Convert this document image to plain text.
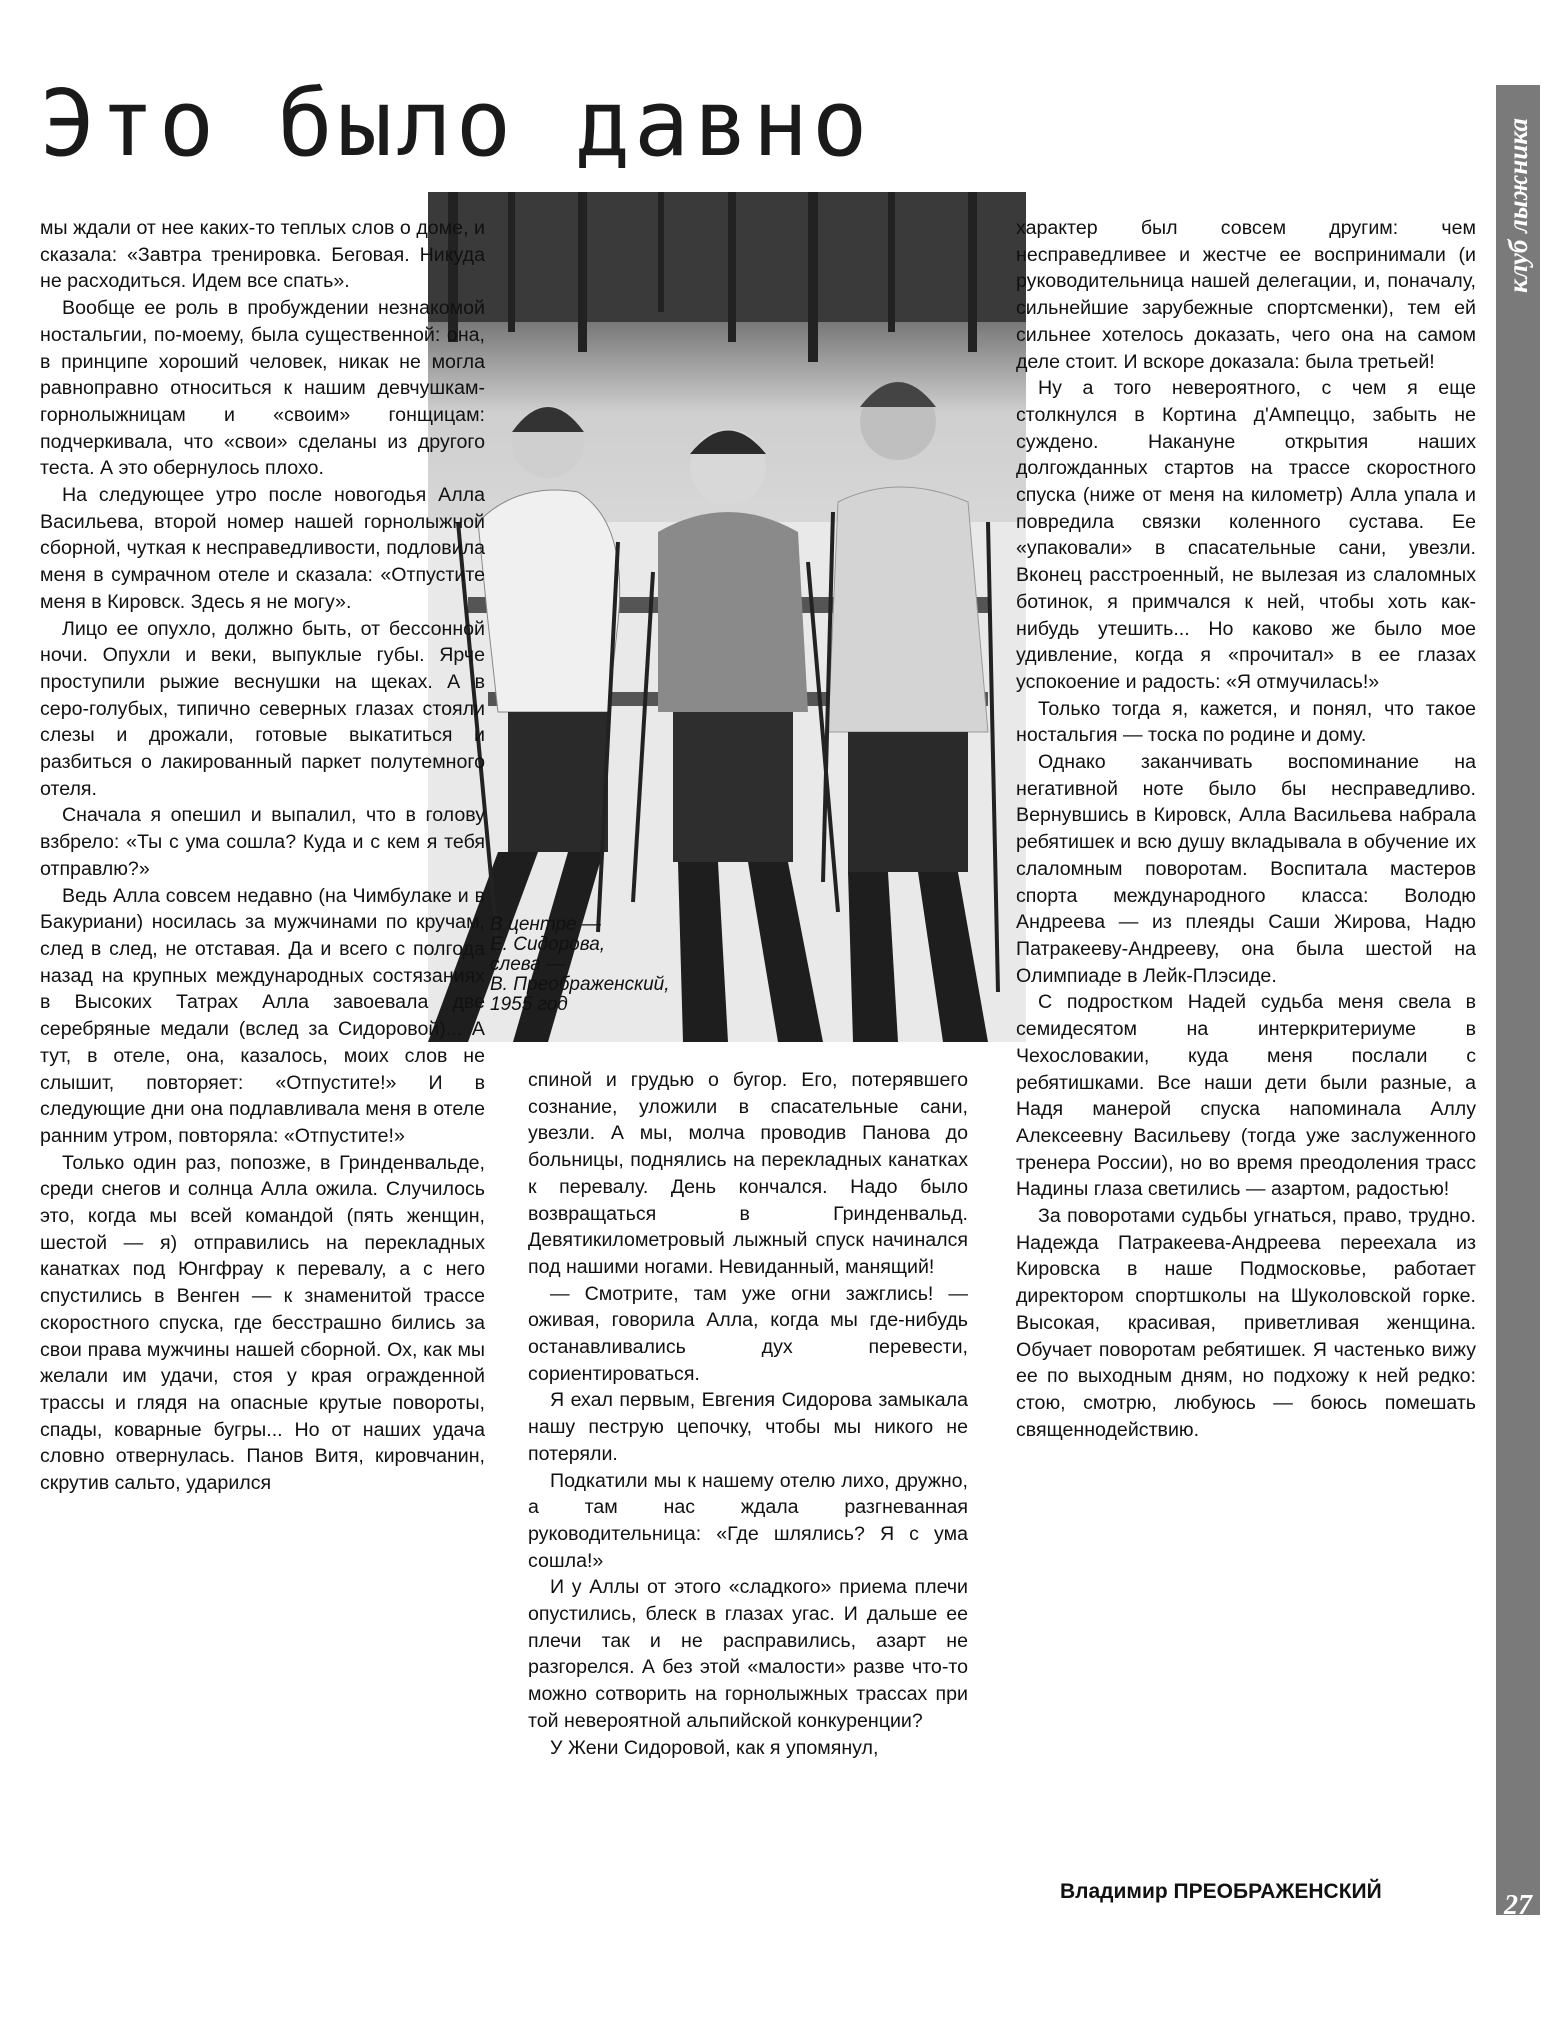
Это было давно	клуб лыжника
27
В центре —
Е. Сидорова,
слева —
В. Преображенский,
1955 год

мы ждали от нее каких-то теплых слов о доме, и сказала: «Завтра тренировка. Беговая. Никуда не расходиться. Идем все спать».

Вообще ее роль в пробуждении незнакомой ностальгии, по-моему, была существенной: она, в принципе хороший человек, никак не могла равноправно относиться к нашим девчушкам-горнолыжницам и «своим» гонщицам: подчеркивала, что «свои» сделаны из другого теста. А это обернулось плохо.

На следующее утро после новогодья Алла Васильева, второй номер нашей горнолыжной сборной, чуткая к несправедливости, подловила меня в сумрачном отеле и сказала: «Отпустите меня в Кировск. Здесь я не могу».

Лицо ее опухло, должно быть, от бессонной ночи. Опухли и веки, выпуклые губы. Ярче проступили рыжие веснушки на щеках. А в серо-голубых, типично северных глазах стояли слезы и дрожали, готовые выкатиться и разбиться о лакированный паркет полутемного отеля.

Сначала я опешил и выпалил, что в голову взбрело: «Ты с ума сошла? Куда и с кем я тебя отправлю?»

Ведь Алла совсем недавно (на Чимбулаке и в Бакуриани) носилась за мужчинами по кручам, след в след, не отставая. Да и всего с полгода назад на крупных международных состязаниях в Высоких Татрах Алла завоевала две серебряные медали (вслед за Сидоровой)... А тут, в отеле, она, казалось, моих слов не слышит, повторяет: «Отпустите!» И в следующие дни она подлавливала меня в отеле ранним утром, повторяла: «Отпустите!»

Только один раз, попозже, в Гринденвальде, среди снегов и солнца Алла ожила. Случилось это, когда мы всей командой (пять женщин, шестой — я) отправились на перекладных канатках под Юнгфрау к перевалу, а с него спустились в Венген — к знаменитой трассе скоростного спуска, где бесстрашно бились за свои права мужчины нашей сборной. Ох, как мы желали им удачи, стоя у края огражденной трассы и глядя на опасные крутые повороты, спады, коварные бугры... Но от наших удача словно отвернулась. Панов Витя, кировчанин, скрутив сальто, ударился

спиной и грудью о бугор. Его, потерявшего сознание, уложили в спасательные сани, увезли. А мы, молча проводив Панова до больницы, поднялись на перекладных канатках к перевалу. День кончался. Надо было возвращаться в Гринденвальд. Девятикилометровый лыжный спуск начинался под нашими ногами. Невиданный, манящий!

— Смотрите, там уже огни зажглись! — оживая, говорила Алла, когда мы где-нибудь останавливались дух перевести, сориентироваться.

Я ехал первым, Евгения Сидорова замыкала нашу пеструю цепочку, чтобы мы никого не потеряли.

Подкатили мы к нашему отелю лихо, дружно, а там нас ждала разгневанная руководительница: «Где шлялись? Я с ума сошла!»

И у Аллы от этого «сладкого» приема плечи опустились, блеск в глазах угас. И дальше ее плечи так и не расправились, азарт не разгорелся. А без этой «малости» разве что-то можно сотворить на горнолыжных трассах при той невероятной альпийской конкуренции?

У Жени Сидоровой, как я упомянул,

характер был совсем другим: чем несправедливее и жестче ее воспринимали (и руководительница нашей делегации, и, поначалу, сильнейшие зарубежные спортсменки), тем ей сильнее хотелось доказать, чего она на самом деле стоит. И вскоре доказала: была третьей!

Ну а того невероятного, с чем я еще столкнулся в Кортина д'Ампеццо, забыть не суждено. Накануне открытия наших долгожданных стартов на трассе скоростного спуска (ниже от меня на километр) Алла упала и повредила связки коленного сустава. Ее «упаковали» в спасательные сани, увезли. Вконец расстроенный, не вылезая из слаломных ботинок, я примчался к ней, чтобы хоть как-нибудь утешить... Но каково же было мое удивление, когда я «прочитал» в ее глазах успокоение и радость: «Я отмучилась!»

Только тогда я, кажется, и понял, что такое ностальгия — тоска по родине и дому.

Однако заканчивать воспоминание на негативной ноте было бы несправедливо. Вернувшись в Кировск, Алла Васильева набрала ребятишек и всю душу вкладывала в обучение их слаломным поворотам. Воспитала мастеров спорта международного класса: Володю Андреева — из плеяды Саши Жирова, Надю Патракееву-Андрееву, она была шестой на Олимпиаде в Лейк-Плэсиде.

С подростком Надей судьба меня свела в семидесятом на интеркритериуме в Чехословакии, куда меня послали с ребятишками. Все наши дети были разные, а Надя манерой спуска напоминала Аллу Алексеевну Васильеву (тогда уже заслуженного тренера России), но во время преодоления трасс Надины глаза светились — азартом, радостью!

За поворотами судьбы угнаться, право, трудно. Надежда Патракеева-Андреева переехала из Кировска в наше Подмосковье, работает директором спортшколы на Шуколовской горке. Высокая, красивая, приветливая женщина. Обучает поворотам ребятишек. Я частенько вижу ее по выходным дням, но подхожу к ней редко: стою, смотрю, любуюсь — боюсь помешать священнодействию.

Владимир ПРЕОБРАЖЕНСКИЙ
